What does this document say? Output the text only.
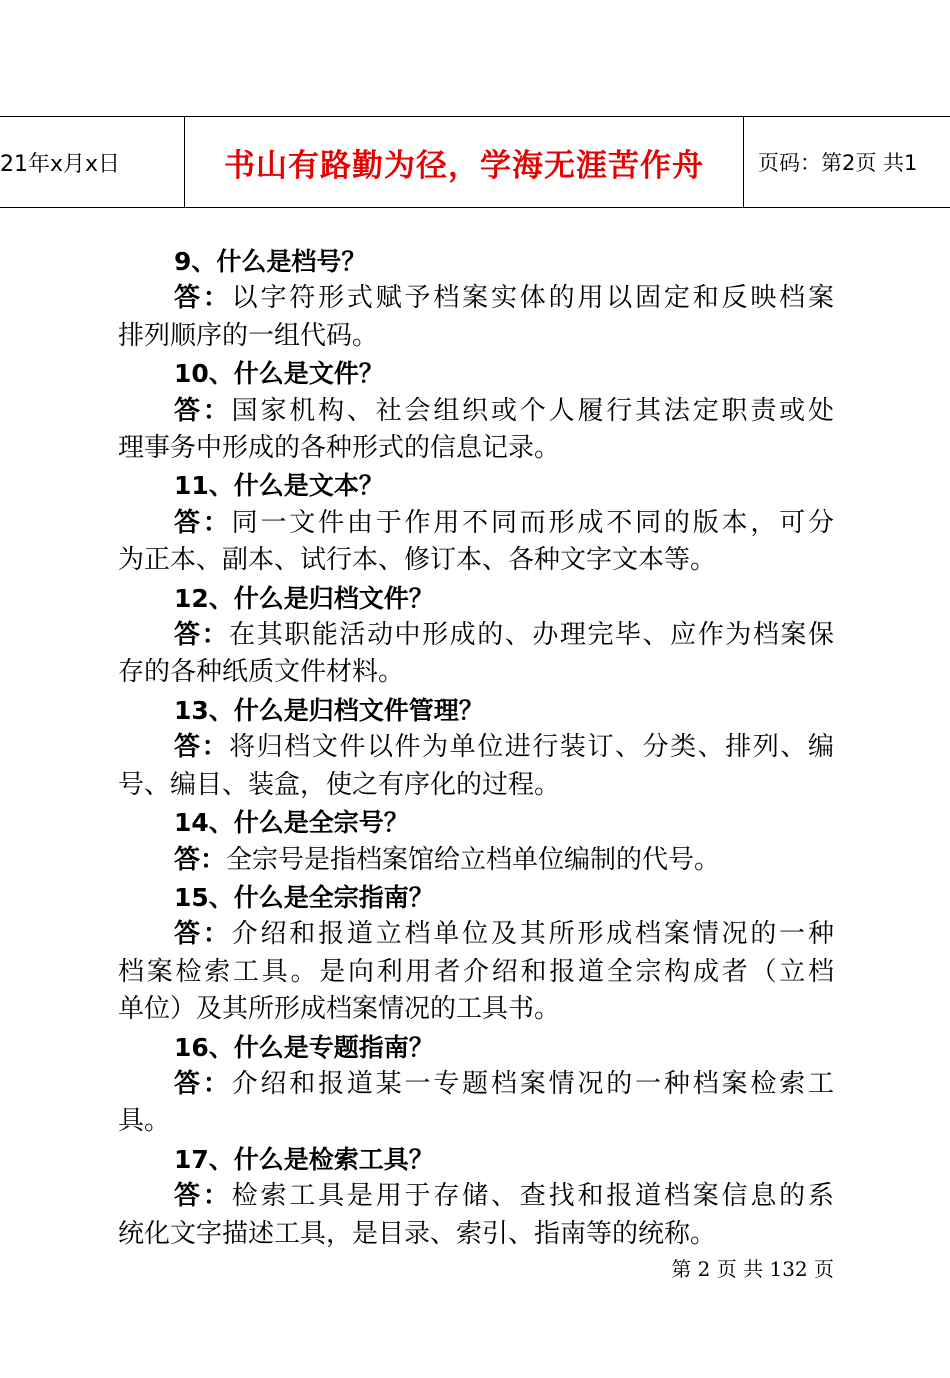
21年x月x日	书山有路勤为径，学海无涯苦作舟	页码：第2页 共1
9、什么是档号？
答：以字符形式赋予档案实体的用以固定和反映档案
排列顺序的一组代码。
10、什么是文件？
答：国家机构、社会组织或个人履行其法定职责或处
理事务中形成的各种形式的信息记录。
11、什么是文本？
答：同一文件由于作用不同而形成不同的版本，可分
为正本、副本、试行本、修订本、各种文字文本等。
12、什么是归档文件？
答：在其职能活动中形成的、办理完毕、应作为档案保
存的各种纸质文件材料。
13、什么是归档文件管理？
答：将归档文件以件为单位进行装订、分类、排列、编
号、编目、装盒，使之有序化的过程。
14、什么是全宗号？
答：全宗号是指档案馆给立档单位编制的代号。
15、什么是全宗指南？
答：介绍和报道立档单位及其所形成档案情况的一种
档案检索工具。是向利用者介绍和报道全宗构成者（立档
单位）及其所形成档案情况的工具书。
16、什么是专题指南？
答：介绍和报道某一专题档案情况的一种档案检索工
具。
17、什么是检索工具？
答：检索工具是用于存储、查找和报道档案信息的系
统化文字描述工具，是目录、索引、指南等的统称。
第 2 页 共 132 页
